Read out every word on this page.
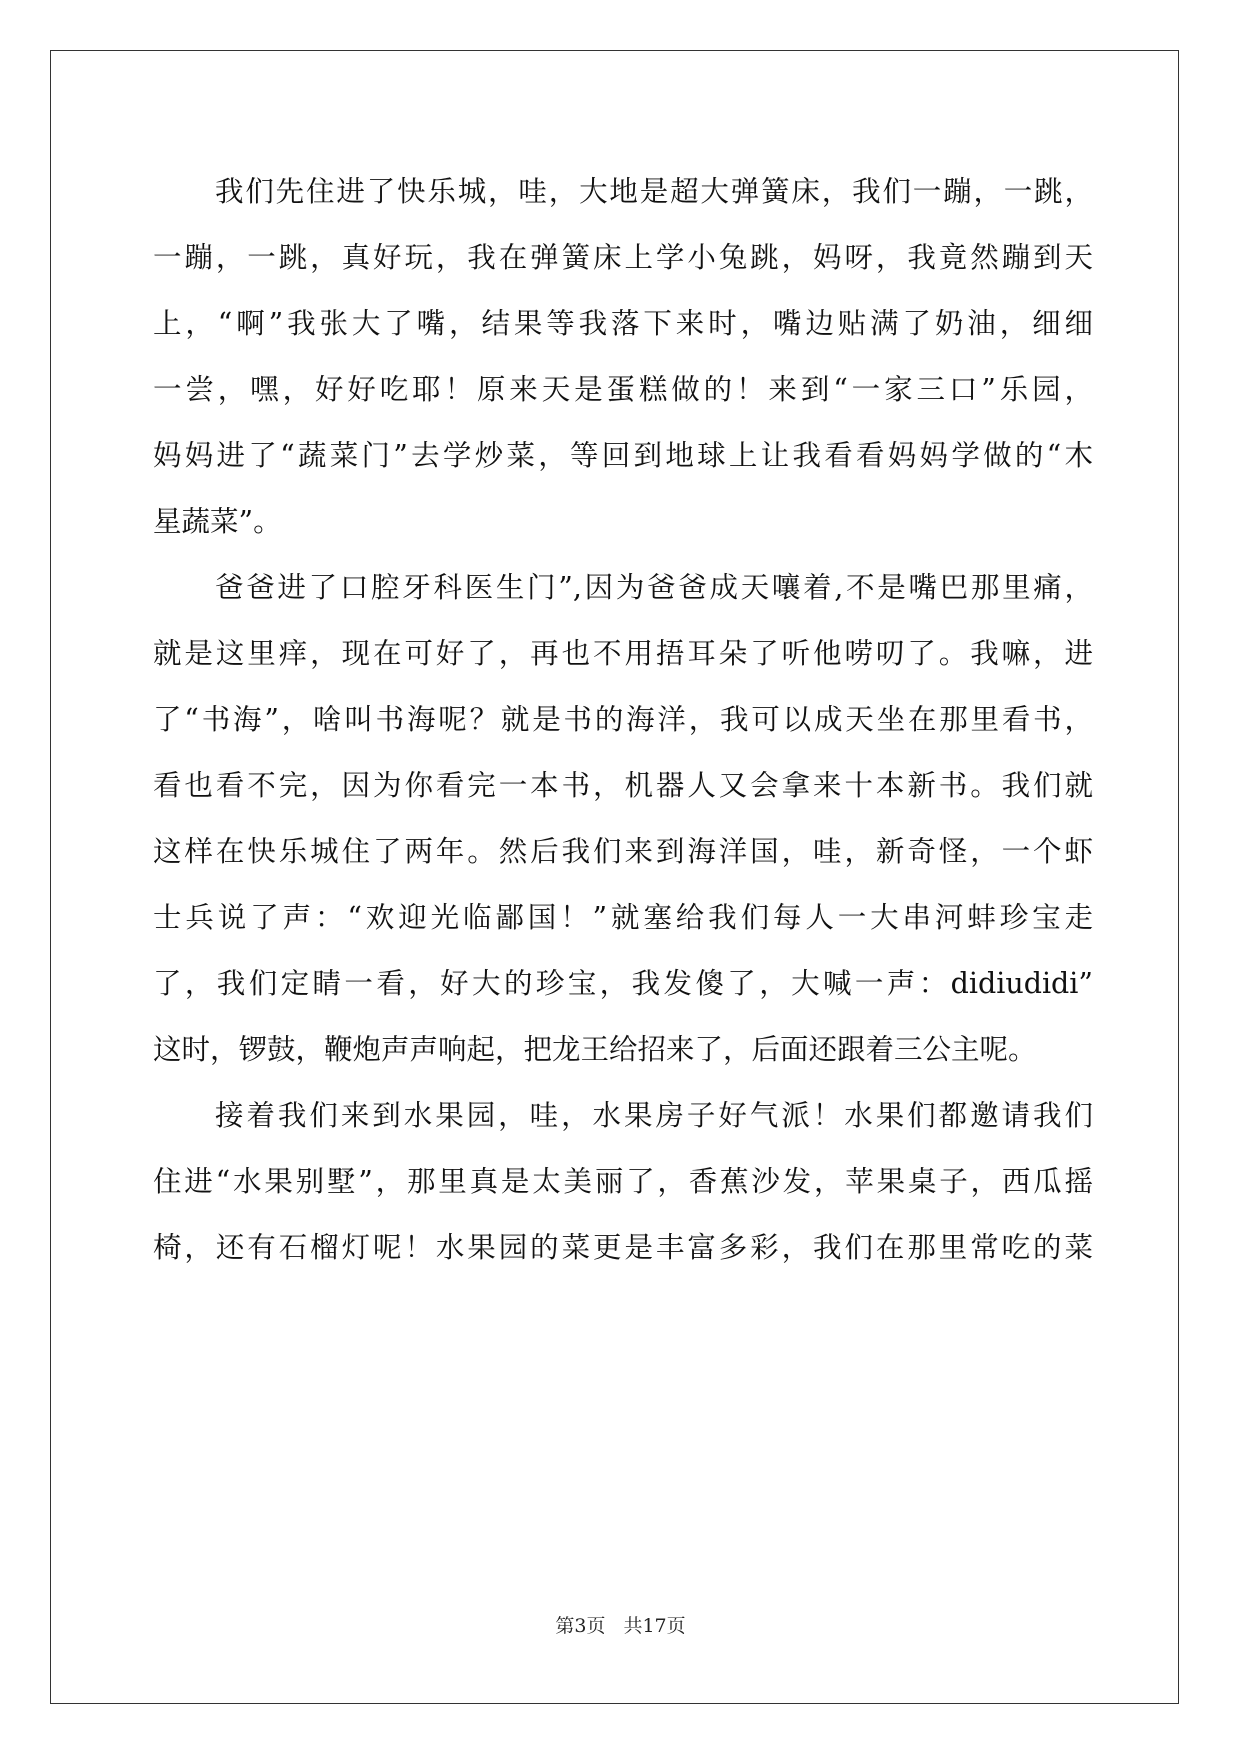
我们先住进了快乐城，哇，大地是超大弹簧床，我们一蹦，一跳，
一蹦，一跳，真好玩，我在弹簧床上学小兔跳，妈呀，我竟然蹦到天
上，“啊”我张大了嘴，结果等我落下来时，嘴边贴满了奶油，细细
一尝，嘿，好好吃耶！原来天是蛋糕做的！来到“一家三口”乐园，
妈妈进了“蔬菜门”去学炒菜，等回到地球上让我看看妈妈学做的“木
星蔬菜”。
爸爸进了口腔牙科医生门”,因为爸爸成天嚷着,不是嘴巴那里痛，
就是这里痒，现在可好了，再也不用捂耳朵了听他唠叨了。我嘛，进
了“书海”，啥叫书海呢？就是书的海洋，我可以成天坐在那里看书，
看也看不完，因为你看完一本书，机器人又会拿来十本新书。我们就
这样在快乐城住了两年。然后我们来到海洋国，哇，新奇怪，一个虾
士兵说了声：“欢迎光临鄙国！”就塞给我们每人一大串河蚌珍宝走
了，我们定睛一看，好大的珍宝，我发傻了，大喊一声：didiudidi”
这时，锣鼓，鞭炮声声响起，把龙王给招来了，后面还跟着三公主呢。
接着我们来到水果园，哇，水果房子好气派！水果们都邀请我们
住进“水果别墅”，那里真是太美丽了，香蕉沙发，苹果桌子，西瓜摇
椅，还有石榴灯呢！水果园的菜更是丰富多彩，我们在那里常吃的菜
第3页 共17页
